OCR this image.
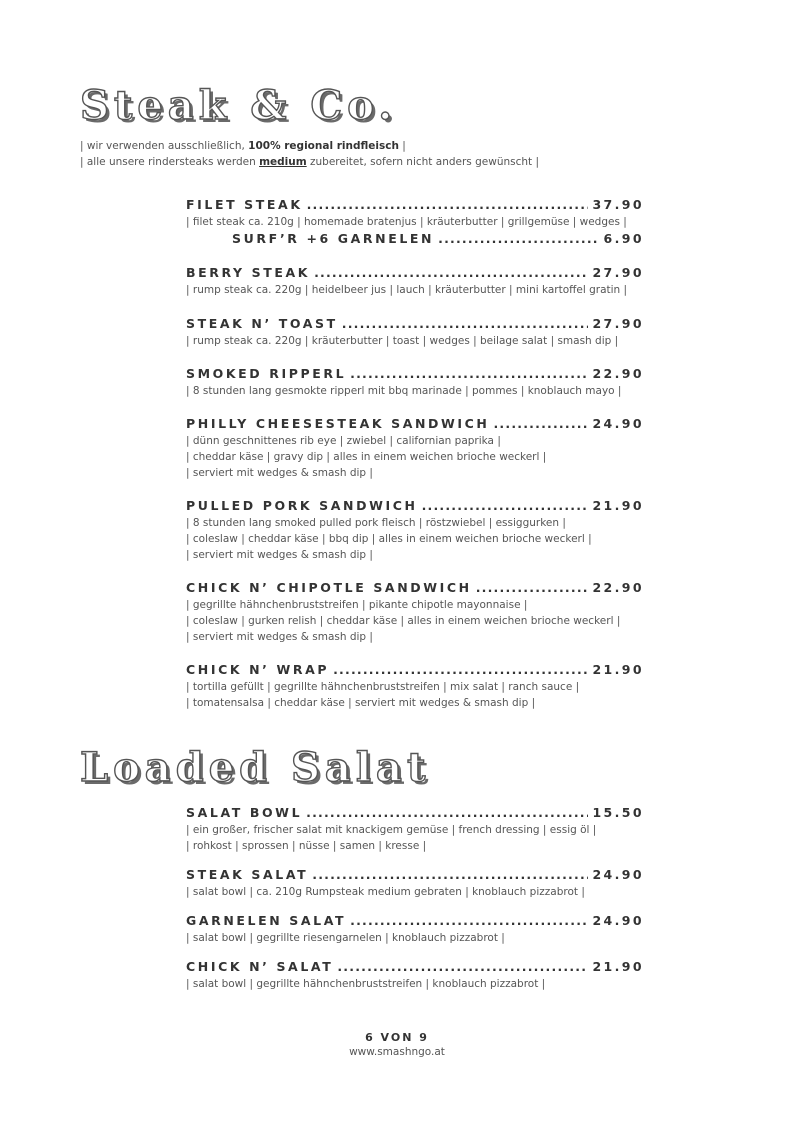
Steak & Co.

| wir verwenden ausschließlich, 100% regional rindfleisch |

| alle unsere rindersteaks werden medium zubereitet, sofern nicht anders gewünscht |

FILET STEAK .....	37.90

| filet steak ca. 210g | homemade bratenjus | kräuterbutter | grillgemüse | wedges |

SURF’R +6 GARNELEN .....	6.90
BERRY STEAK .....	27.90

| rump steak ca. 220g | heidelbeer jus | lauch | kräuterbutter | mini kartoffel gratin |

STEAK N’ TOAST .....	27.90

| rump steak ca. 220g | kräuterbutter | toast | wedges | beilage salat | smash dip |

SMOKED RIPPERL .....	22.90

| 8 stunden lang gesmokte ripperl mit bbq marinade | pommes | knoblauch mayo |

PHILLY CHEESESTEAK SANDWICH .....	24.90

| dünn geschnittenes rib eye | zwiebel | californian paprika |

| cheddar käse | gravy dip | alles in einem weichen brioche weckerl |

| serviert mit wedges & smash dip |

PULLED PORK SANDWICH .....	21.90

| 8 stunden lang smoked pulled pork fleisch | röstzwiebel | essiggurken |

| coleslaw | cheddar käse | bbq dip | alles in einem weichen brioche weckerl |

| serviert mit wedges & smash dip |

CHICK N’ CHIPOTLE SANDWICH .....	22.90

| gegrillte hähnchenbruststreifen | pikante chipotle mayonnaise |

| coleslaw | gurken relish | cheddar käse | alles in einem weichen brioche weckerl |

| serviert mit wedges & smash dip |

CHICK N’ WRAP .....	21.90

| tortilla gefüllt | gegrillte hähnchenbruststreifen | mix salat | ranch sauce |

| tomatensalsa | cheddar käse | serviert mit wedges & smash dip |

Loaded Salat
SALAT BOWL .....	15.50

| ein großer, frischer salat mit knackigem gemüse | french dressing | essig öl |

| rohkost | sprossen | nüsse | samen | kresse |

STEAK SALAT .....	24.90

| salat bowl | ca. 210g Rumpsteak medium gebraten | knoblauch pizzabrot |

GARNELEN SALAT .....	24.90

| salat bowl | gegrillte riesengarnelen | knoblauch pizzabrot |

CHICK N’ SALAT .....	21.90

| salat bowl | gegrillte hähnchenbruststreifen | knoblauch pizzabrot |

6 VON 9
www.smashngo.at
